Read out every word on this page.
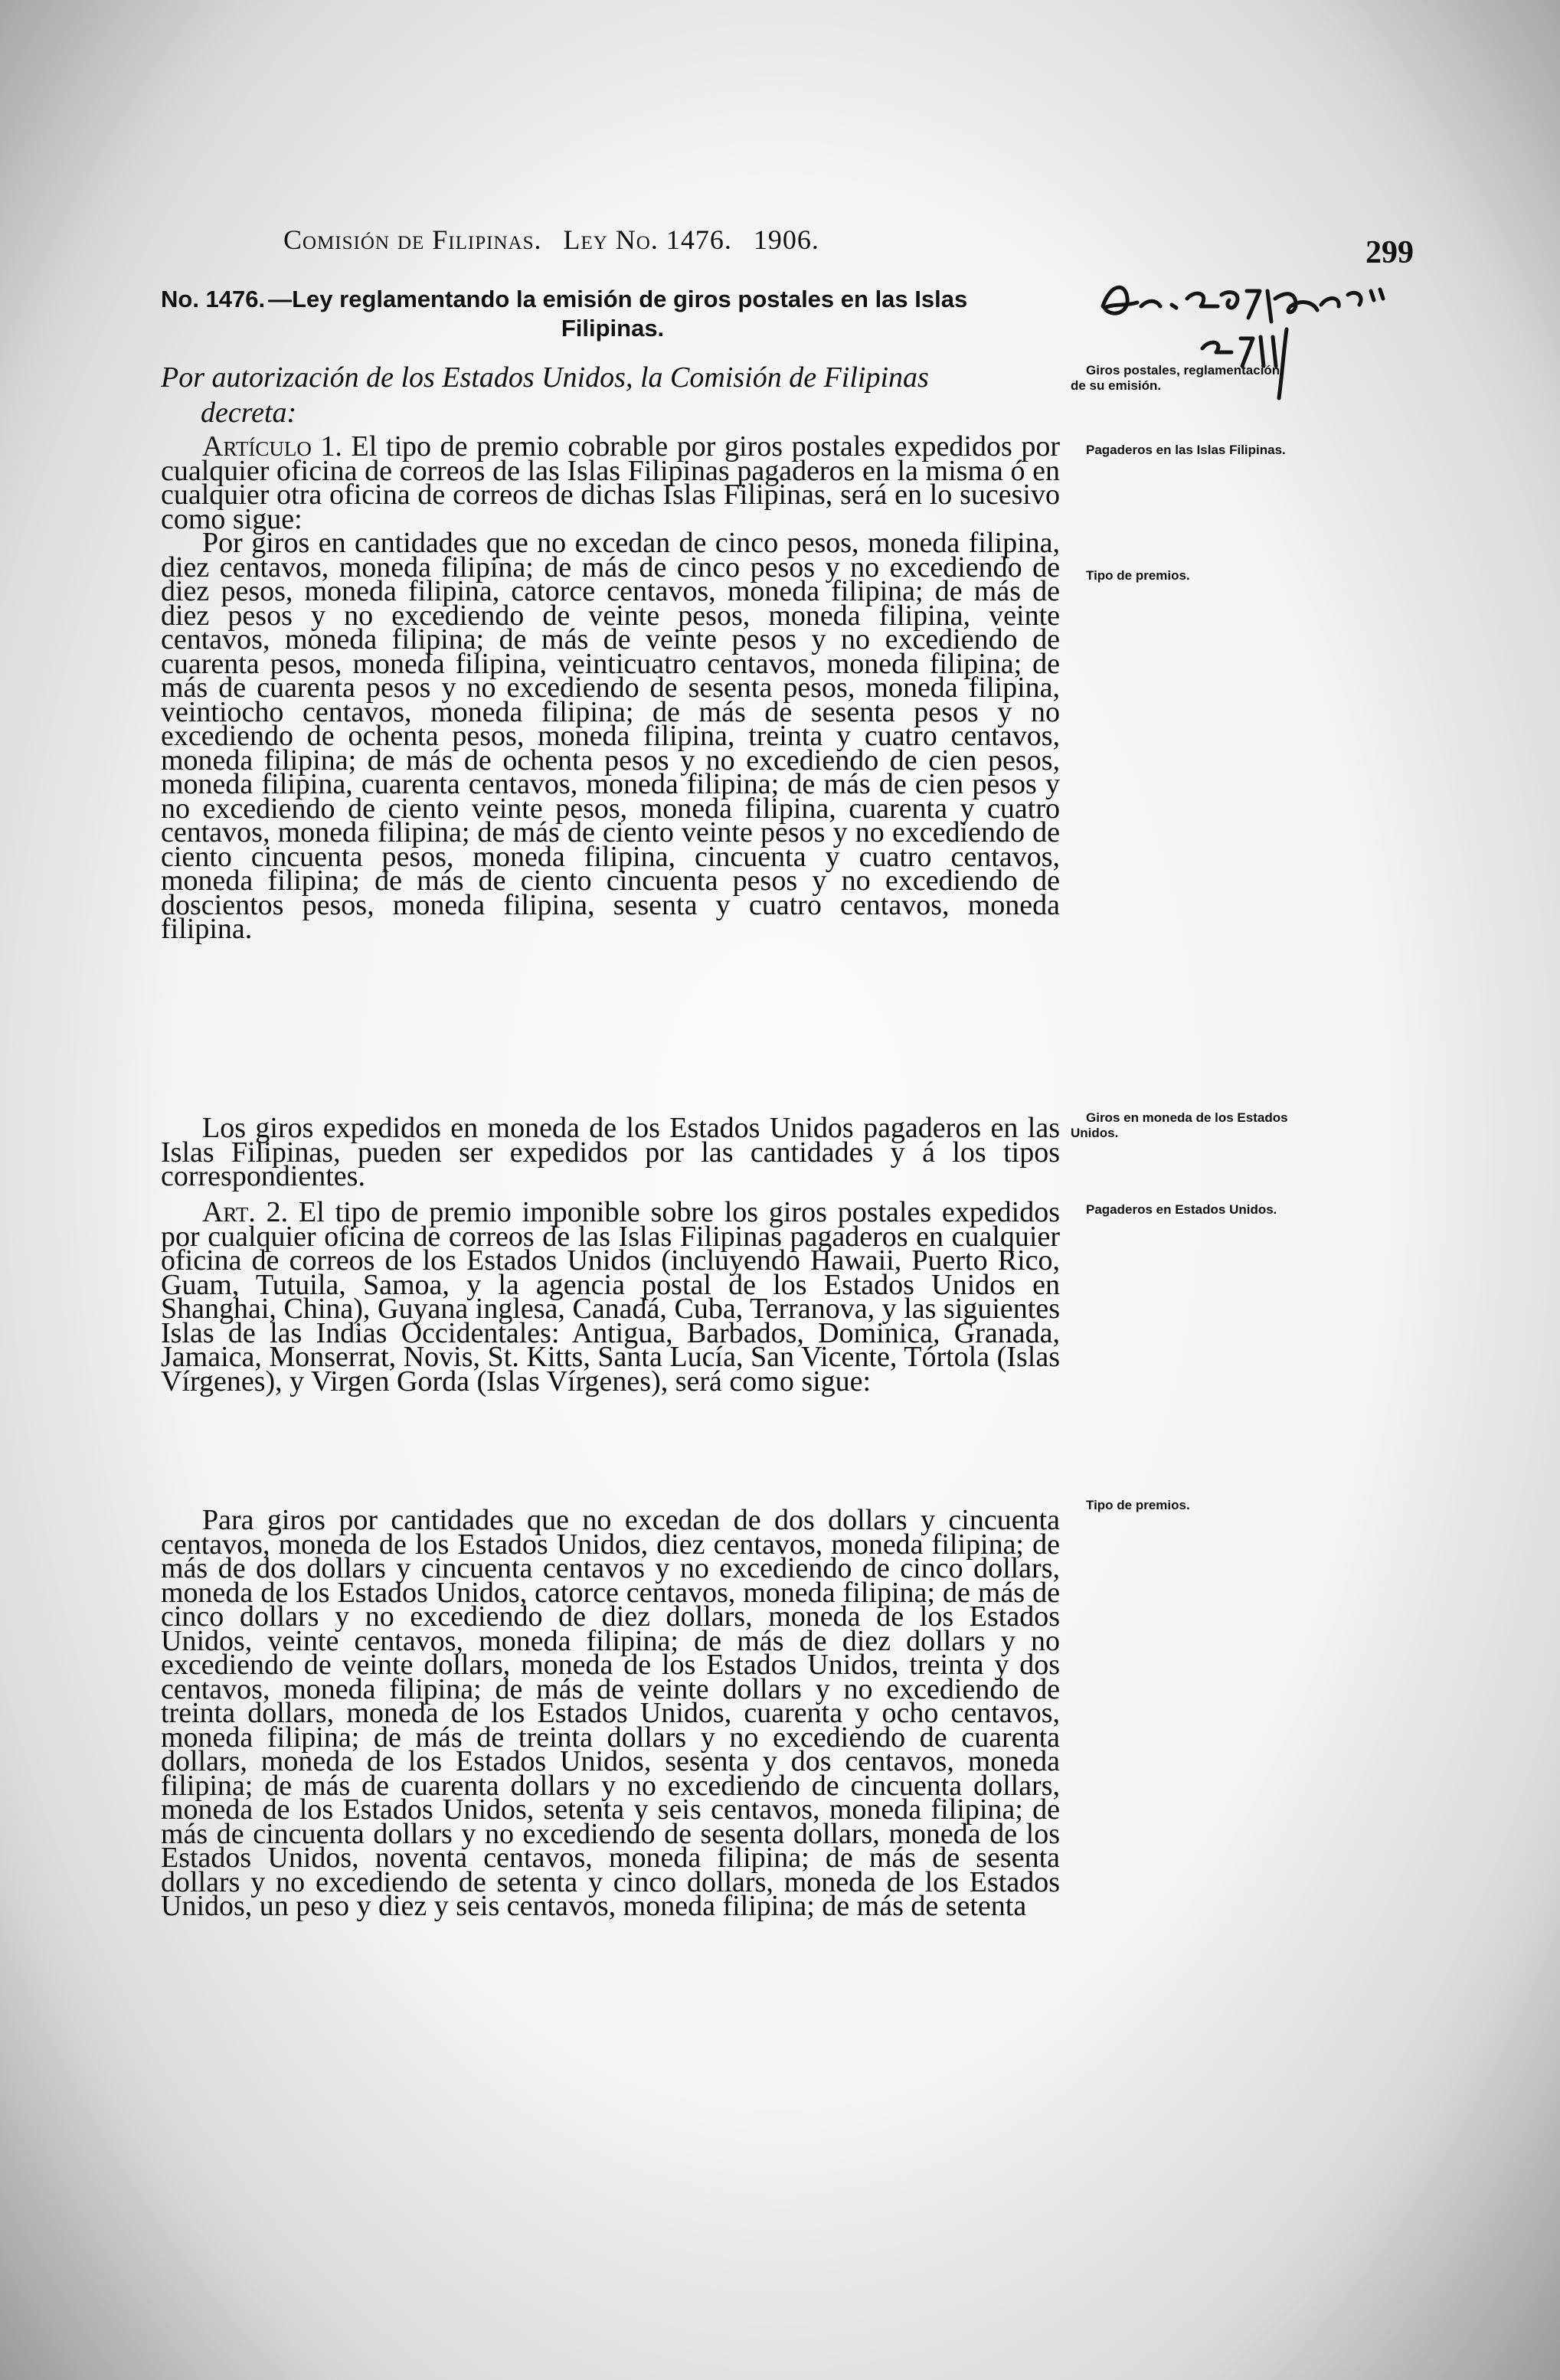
Comisión de Filipinas. Ley No. 1476. 1906.	299
Dec. 2657 final 2711
No. 1476. —Ley reglamentando la emisión de giros postales en las Islas
Filipinas.
Por autorización de los Estados Unidos, la Comisión de Filipinas
decreta:

Artículo 1. El tipo de premio cobrable por giros postales expedidos por cualquier oficina de correos de las Islas Filipinas pagaderos en la misma ó en cualquier otra oficina de correos de dichas Islas Filipinas, será en lo sucesivo como sigue:

Por giros en cantidades que no excedan de cinco pesos, moneda filipina, diez centavos, moneda filipina; de más de cinco pesos y no excediendo de diez pesos, moneda filipina, catorce centavos, moneda filipina; de más de diez pesos y no excediendo de veinte pesos, moneda filipina, veinte centavos, moneda filipina; de más de veinte pesos y no excediendo de cuarenta pesos, moneda filipina, veinticuatro centavos, moneda filipina; de más de cuarenta pesos y no excediendo de sesenta pesos, moneda filipina, veintiocho centavos, moneda filipina; de más de sesenta pesos y no excediendo de ochenta pesos, moneda filipina, treinta y cuatro centavos, moneda filipina; de más de ochenta pesos y no excediendo de cien pesos, moneda filipina, cuarenta centavos, moneda filipina; de más de cien pesos y no excediendo de ciento veinte pesos, moneda filipina, cuarenta y cuatro centavos, moneda filipina; de más de ciento veinte pesos y no excediendo de ciento cincuenta pesos, moneda filipina, cincuenta y cuatro centavos, moneda filipina; de más de ciento cincuenta pesos y no excediendo de doscientos pesos, moneda filipina, sesenta y cuatro centavos, moneda filipina.

Los giros expedidos en moneda de los Estados Unidos pagaderos en las Islas Filipinas, pueden ser expedidos por las cantidades y á los tipos correspondientes.

Art. 2. El tipo de premio imponible sobre los giros postales expedidos por cualquier oficina de correos de las Islas Filipinas pagaderos en cualquier oficina de correos de los Estados Unidos (incluyendo Hawaii, Puerto Rico, Guam, Tutuila, Samoa, y la agencia postal de los Estados Unidos en Shanghai, China), Guyana inglesa, Canadá, Cuba, Terranova, y las siguientes Islas de las Indias Occidentales: Antigua, Barbados, Dominica, Granada, Jamaica, Monserrat, Novis, St. Kitts, Santa Lucía, San Vicente, Tórtola (Islas Vírgenes), y Virgen Gorda (Islas Vírgenes), será como sigue:

Para giros por cantidades que no excedan de dos dollars y cincuenta centavos, moneda de los Estados Unidos, diez centavos, moneda filipina; de más de dos dollars y cincuenta centavos y no excediendo de cinco dollars, moneda de los Estados Unidos, catorce centavos, moneda filipina; de más de cinco dollars y no excediendo de diez dollars, moneda de los Estados Unidos, veinte centavos, moneda filipina; de más de diez dollars y no excediendo de veinte dollars, moneda de los Estados Unidos, treinta y dos centavos, moneda filipina; de más de veinte dollars y no excediendo de treinta dollars, moneda de los Estados Unidos, cuarenta y ocho centavos, moneda filipina; de más de treinta dollars y no excediendo de cuarenta dollars, moneda de los Estados Unidos, sesenta y dos centavos, moneda filipina; de más de cuarenta dollars y no excediendo de cincuenta dollars, moneda de los Estados Unidos, setenta y seis centavos, moneda filipina; de más de cincuenta dollars y no excediendo de sesenta dollars, moneda de los Estados Unidos, noventa centavos, moneda filipina; de más de sesenta dollars y no excediendo de setenta y cinco dollars, moneda de los Estados Unidos, un peso y diez y seis centavos, moneda filipina; de más de setenta

Giros postales, reglamentación de su emisión.
Pagaderos en las Islas Filipinas.
Tipo de premios.
Giros en moneda de los Estados Unidos.
Pagaderos en Estados Unidos.
Tipo de premios.
